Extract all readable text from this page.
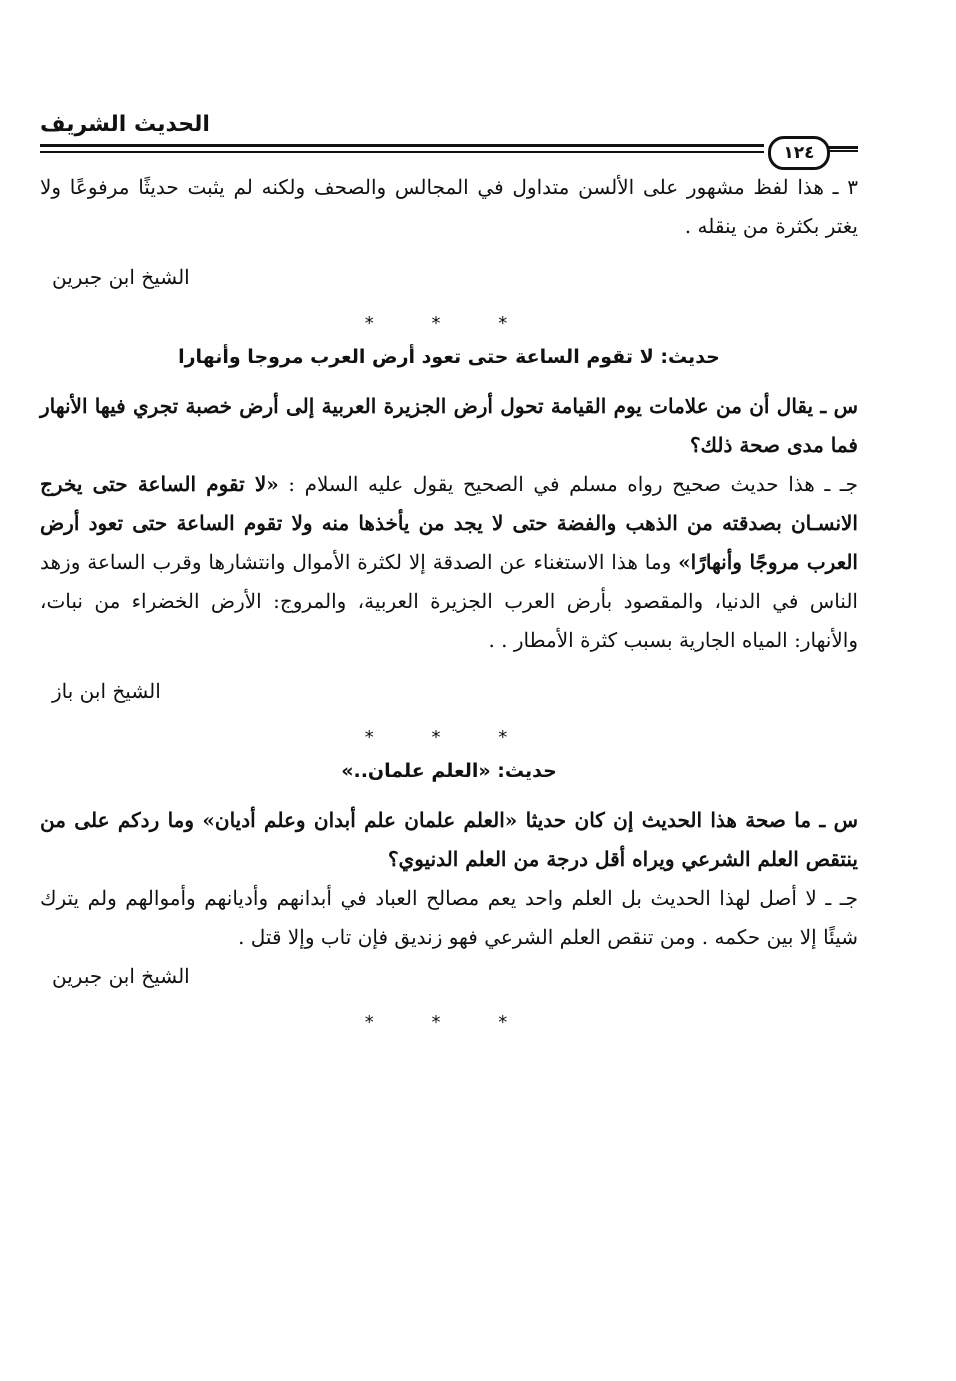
الحديث الشريف
١٢٤

٣ ـ هذا لفظ مشهور على الألسن متداول في المجالس والصحف ولكنه لم يثبت حديثًا مرفوعًا ولا يغتر بكثرة من ينقله .

الشيخ ابن جبرين

* * *

حديث: لا تقوم الساعة حتى تعود أرض العرب مروجا وأنهارا

س ـ يقال أن من علامات يوم القيامة تحول أرض الجزيرة العربية إلى أرض خصبة تجري فيها الأنهار فما مدى صحة ذلك؟

جـ ـ هذا حديث صحيح رواه مسلم في الصحيح يقول عليه السلام : «لا تقوم الساعة حتى يخرج الانسـان بصدقته من الذهب والفضة حتى لا يجد من يأخذها منه ولا تقوم الساعة حتى تعود أرض العرب مروجًا وأنهارًا» وما هذا الاستغناء عن الصدقة إلا لكثرة الأموال وانتشارها وقرب الساعة وزهد الناس في الدنيا، والمقصود بأرض العرب الجزيرة العربية، والمروج: الأرض الخضراء من نبات، والأنهار: المياه الجارية بسبب كثرة الأمطار . .

الشيخ ابن باز

* * *

حديث: «العلم علمان..»

س ـ ما صحة هذا الحديث إن كان حديثا «العلم علمان علم أبدان وعلم أديان» وما ردكم على من ينتقص العلم الشرعي ويراه أقل درجة من العلم الدنيوي؟

جـ ـ لا أصل لهذا الحديث بل العلم واحد يعم مصالح العباد في أبدانهم وأديانهم وأموالهم ولم يترك شيئًا إلا بين حكمه . ومن تنقص العلم الشرعي فهو زنديق فإن تاب وإلا قتل .

الشيخ ابن جبرين

* * *
